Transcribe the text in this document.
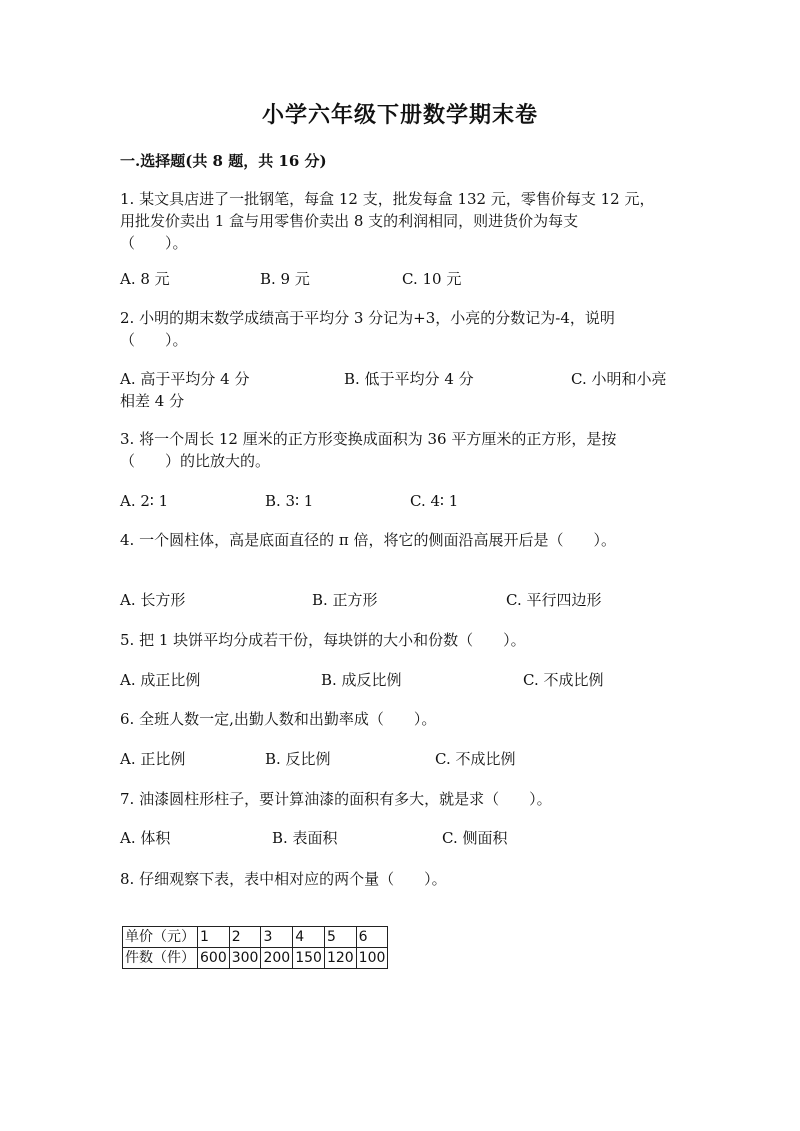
小学六年级下册数学期末卷
一.选择题(共 8 题，共 16 分)
1. 某文具店进了一批钢笔，每盒 12 支，批发每盒 132 元，零售价每支 12 元，
用批发价卖出 1 盒与用零售价卖出 8 支的利润相同，则进货价为每支
（　　）。
A. 8 元	B. 9 元	C. 10 元
2. 小明的期末数学成绩高于平均分 3 分记为+3，小亮的分数记为-4，说明
（　　）。
A. 高于平均分 4 分	B. 低于平均分 4 分	C. 小明和小亮
相差 4 分
3. 将一个周长 12 厘米的正方形变换成面积为 36 平方厘米的正方形，是按
（　　）的比放大的。
A. 2∶ 1	B. 3∶ 1	C. 4∶ 1
4. 一个圆柱体，高是底面直径的 π 倍，将它的侧面沿高展开后是（　　）。
A. 长方形	B. 正方形	C. 平行四边形
5. 把 1 块饼平均分成若干份，每块饼的大小和份数（　　）。
A. 成正比例	B. 成反比例	C. 不成比例
6. 全班人数一定,出勤人数和出勤率成（　　）。
A. 正比例	B. 反比例	C. 不成比例
7. 油漆圆柱形柱子，要计算油漆的面积有多大，就是求（　　）。
A. 体积	B. 表面积	C. 侧面积
8. 仔细观察下表，表中相对应的两个量（　　）。
单价（元）	1	2	3	4	5	6
件数（件）	600	300	200	150	120	100
